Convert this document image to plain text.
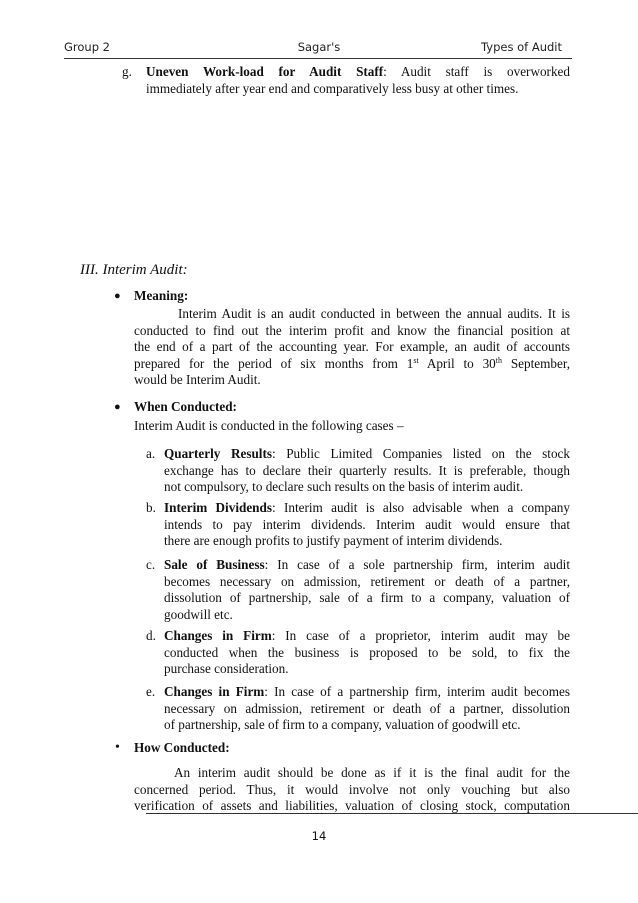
Group 2	Sagar's	Types of Audit
g. Uneven Work-load for Audit Staff: Audit staff is overworked
immediately after year end and comparatively less busy at other times.
III. Interim Audit:
● Meaning:
Interim Audit is an audit conducted in between the annual audits. It is
conducted to find out the interim profit and know the financial position at
the end of a part of the accounting year. For example, an audit of accounts
prepared for the period of six months from 1st April to 30th September,
would be Interim Audit.
● When Conducted:
Interim Audit is conducted in the following cases –
a. Quarterly Results: Public Limited Companies listed on the stock
exchange has to declare their quarterly results. It is preferable, though
not compulsory, to declare such results on the basis of interim audit.
b. Interim Dividends: Interim audit is also advisable when a company
intends to pay interim dividends. Interim audit would ensure that
there are enough profits to justify payment of interim dividends.
c. Sale of Business: In case of a sole partnership firm, interim audit
becomes necessary on admission, retirement or death of a partner,
dissolution of partnership, sale of a firm to a company, valuation of
goodwill etc.
d. Changes in Firm: In case of a proprietor, interim audit may be
conducted when the business is proposed to be sold, to fix the
purchase consideration.
e. Changes in Firm: In case of a partnership firm, interim audit becomes
necessary on admission, retirement or death of a partner, dissolution
of partnership, sale of firm to a company, valuation of goodwill etc.
• How Conducted:
An interim audit should be done as if it is the final audit for the
concerned period. Thus, it would involve not only vouching but also
verification of assets and liabilities, valuation of closing stock, computation
14
